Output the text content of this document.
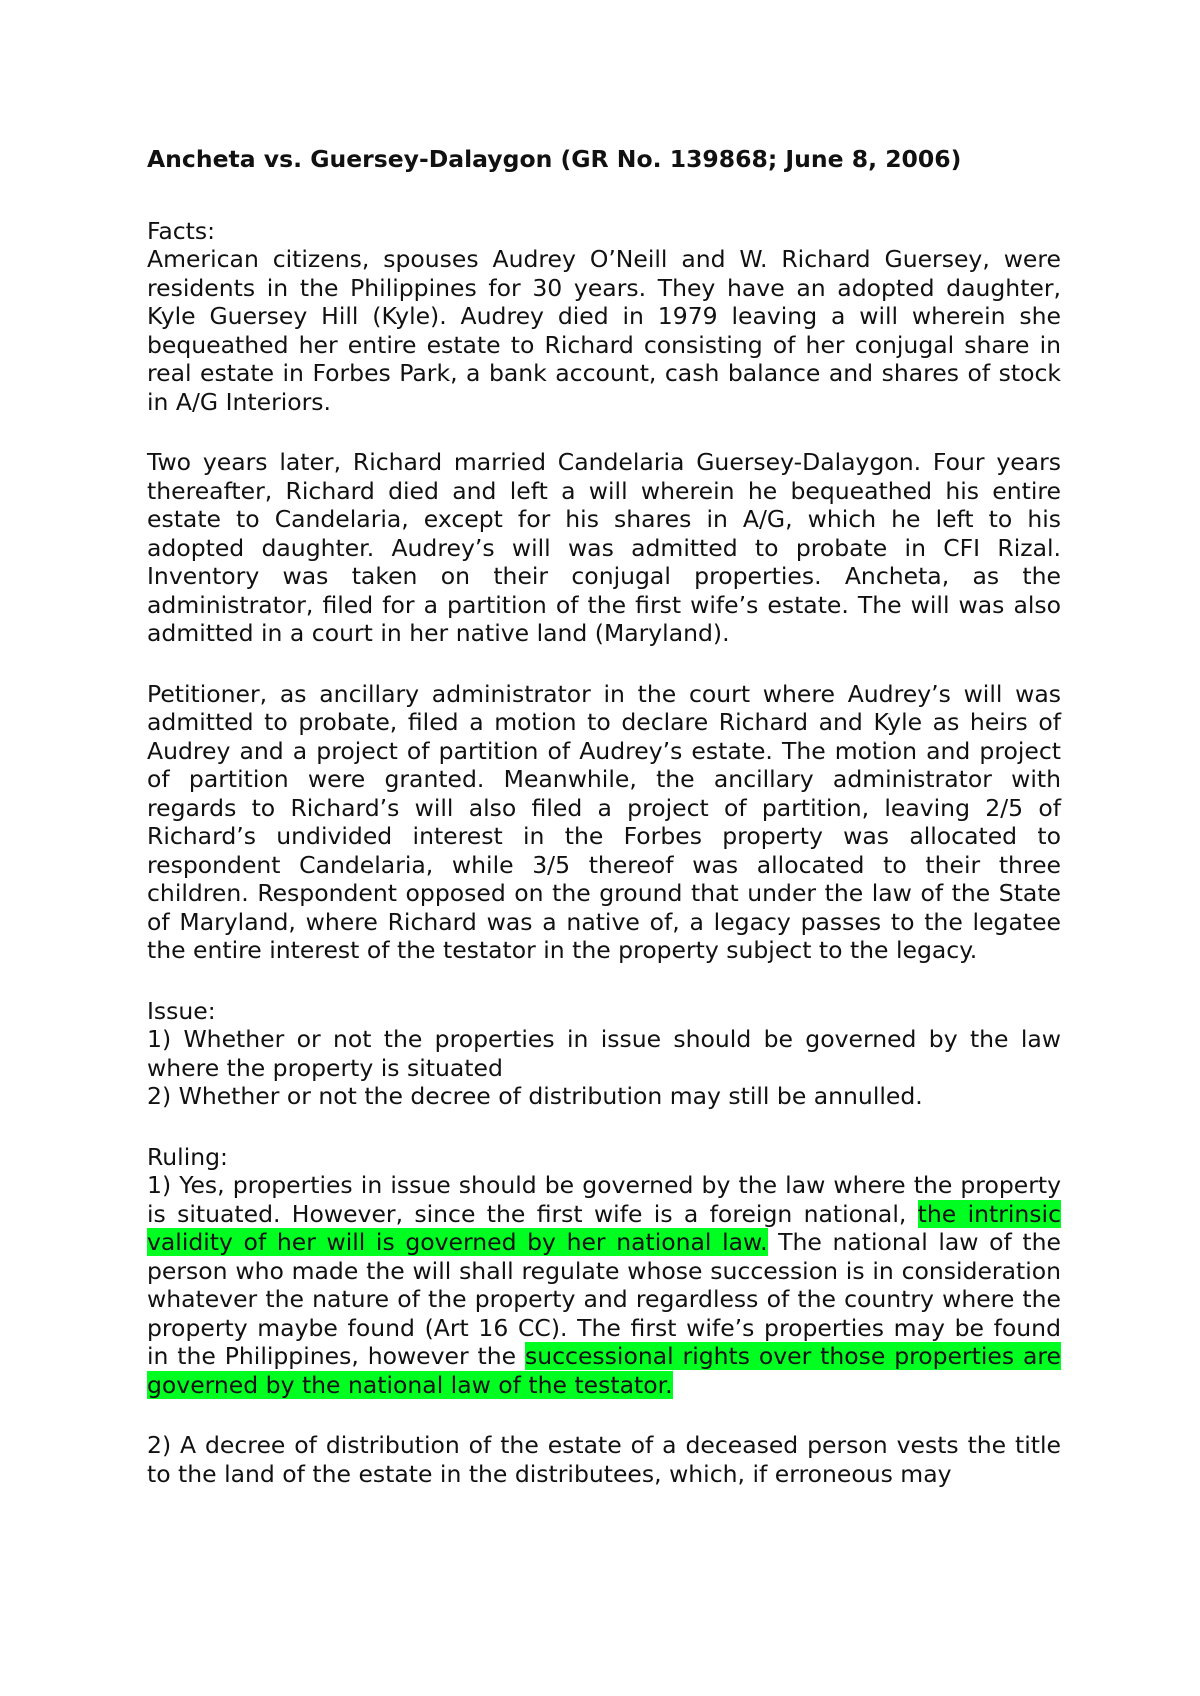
Ancheta vs. Guersey-Dalaygon (GR No. 139868; June 8, 2006)

Facts:

American citizens, spouses Audrey O’Neill and W. Richard Guersey, were residents in the Philippines for 30 years. They have an adopted daughter, Kyle Guersey Hill (Kyle). Audrey died in 1979 leaving a will wherein she bequeathed her entire estate to Richard consisting of her conjugal share in real estate in Forbes Park, a bank account, cash balance and shares of stock in A/G Interiors.

Two years later, Richard married Candelaria Guersey-Dalaygon. Four years thereafter, Richard died and left a will wherein he bequeathed his entire estate to Candelaria, except for his shares in A/G, which he left to his adopted daughter. Audrey’s will was admitted to probate in CFI Rizal. Inventory was taken on their conjugal properties. Ancheta, as the administrator, filed for a partition of the first wife’s estate. The will was also admitted in a court in her native land (Maryland).

Petitioner, as ancillary administrator in the court where Audrey’s will was admitted to probate, filed a motion to declare Richard and Kyle as heirs of Audrey and a project of partition of Audrey’s estate. The motion and project of partition were granted. Meanwhile, the ancillary administrator with regards to Richard’s will also filed a project of partition, leaving 2/5 of Richard’s undivided interest in the Forbes property was allocated to respondent Candelaria, while 3/5 thereof was allocated to their three children. Respondent opposed on the ground that under the law of the State of Maryland, where Richard was a native of, a legacy passes to the legatee the entire interest of the testator in the property subject to the legacy.

Issue:

1) Whether or not the properties in issue should be governed by the law where the property is situated

2) Whether or not the decree of distribution may still be annulled.

Ruling:

1) Yes, properties in issue should be governed by the law where the property is situated. However, since the first wife is a foreign national, the intrinsic validity of her will is governed by her national law. The national law of the person who made the will shall regulate whose succession is in consideration whatever the nature of the property and regardless of the country where the property maybe found (Art 16 CC). The first wife’s properties may be found in the Philippines, however the successional rights over those properties are governed by the national law of the testator.

2) A decree of distribution of the estate of a deceased person vests the title to the land of the estate in the distributees, which, if erroneous may
